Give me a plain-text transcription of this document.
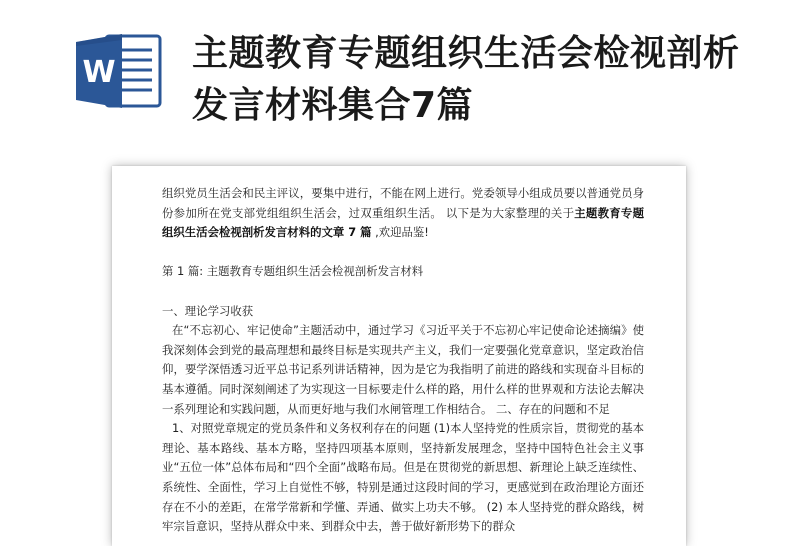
W 主题教育专题组织生活会检视剖析发言材料集合7篇

组织党员生活会和民主评议，要集中进行，不能在网上进行。党委领导小组成员要以普通党员身份参加所在党支部党组组织生活会，过双重组织生活。 以下是为大家整理的关于主题教育专题组织生活会检视剖析发言材料的文章 7 篇 ,欢迎品鉴!

第 1 篇: 主题教育专题组织生活会检视剖析发言材料

一、理论学习收获

在“不忘初心、牢记使命”主题活动中，通过学习《习近平关于不忘初心牢记使命论述摘编》使我深刻体会到党的最高理想和最终目标是实现共产主义，我们一定要强化党章意识，坚定政治信仰，要学深悟透习近平总书记系列讲话精神，因为是它为我指明了前进的路线和实现奋斗目标的基本遵循。同时深刻阐述了为实现这一目标要走什么样的路，用什么样的世界观和方法论去解决一系列理论和实践问题，从而更好地与我们水闸管理工作相结合。 二、存在的问题和不足

1、对照党章规定的党员条件和义务权利存在的问题 (1)本人坚持党的性质宗旨，贯彻党的基本理论、基本路线、基本方略，坚持四项基本原则，坚持新发展理念，坚持中国特色社会主义事业“五位一体”总体布局和“四个全面”战略布局。但是在贯彻党的新思想、新理论上缺乏连续性、系统性、全面性，学习上自觉性不够，特别是通过这段时间的学习，更感觉到在政治理论方面还存在不小的差距，在常学常新和学懂、弄通、做实上功夫不够。 (2) 本人坚持党的群众路线，树牢宗旨意识，坚持从群众中来、到群众中去，善于做好新形势下的群众
